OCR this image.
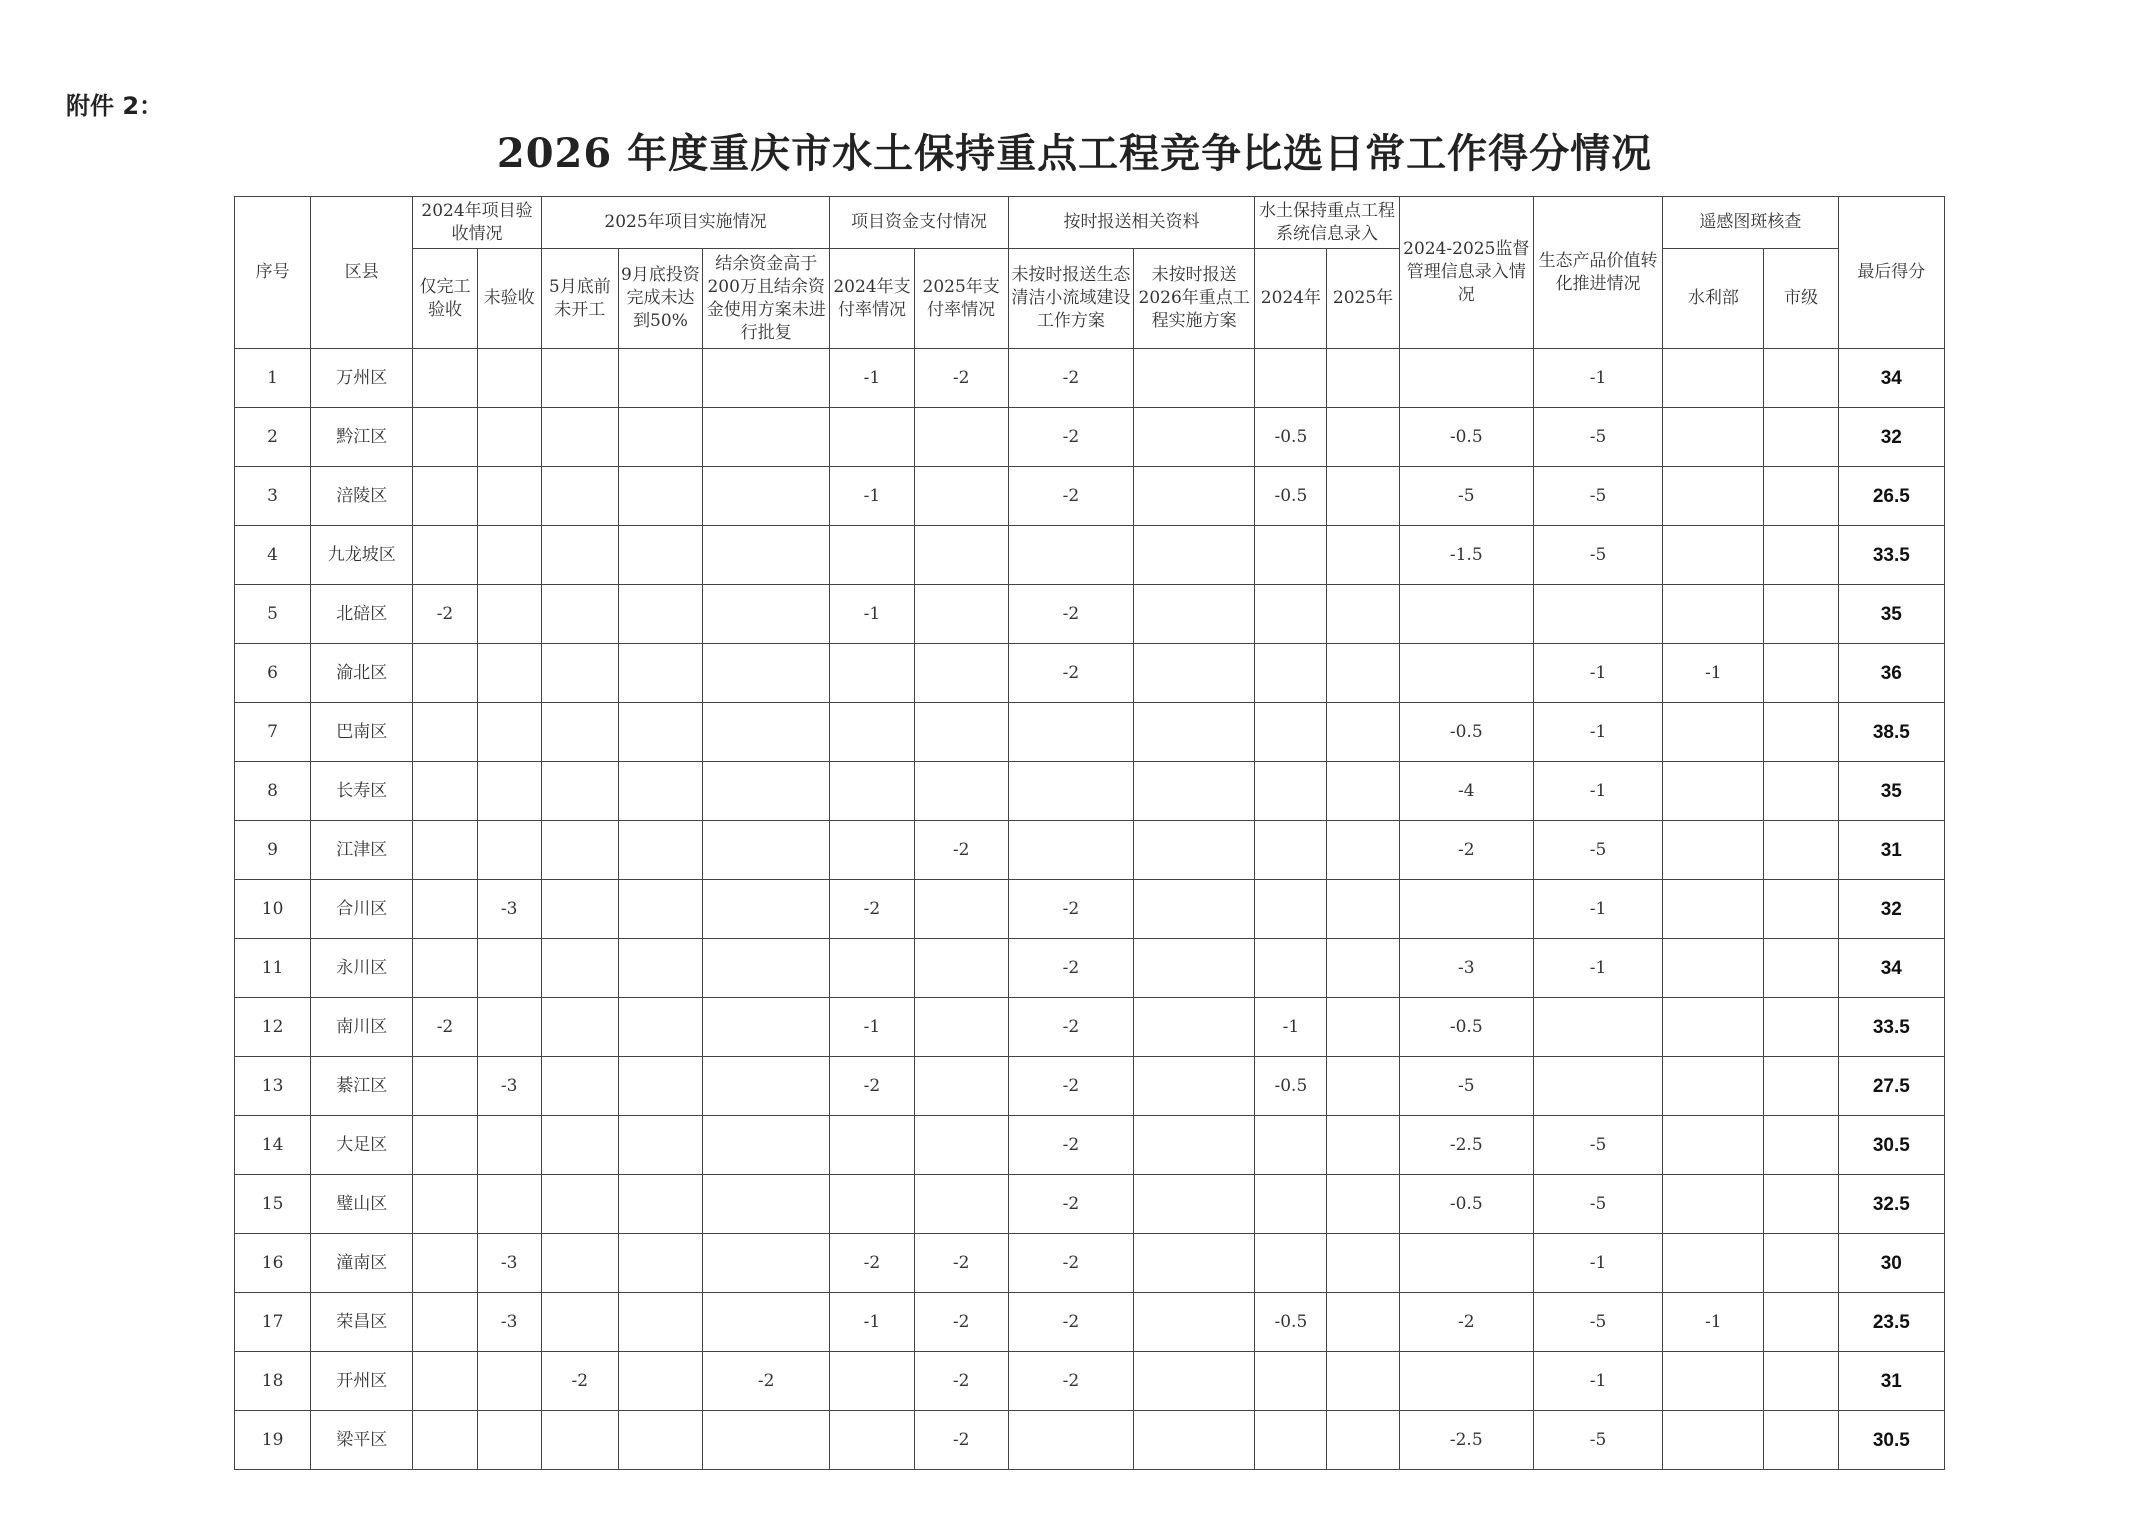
附件 2：
2026 年度重庆市水土保持重点工程竞争比选日常工作得分情况
序号	区县	2024年项目验收情况		2025年项目实施情况			项目资金支付情况		按时报送相关资料		水土保持重点工程系统信息录入		2024-2025监督管理信息录入情况	生态产品价值转化推进情况	遥感图斑核查		最后得分
		仅完工验收	未验收	5月底前未开工	9月底投资完成未达到50%	结余资金高于200万且结余资金使用方案未进行批复	2024年支付率情况	2025年支付率情况	未按时报送生态清洁小流域建设工作方案	未按时报送2026年重点工程实施方案	2024年	2025年			水利部	市级	
1	万州区						-1	-2	-2					-1			34
2	黔江区								-2		-0.5		-0.5	-5			32
3	涪陵区						-1		-2		-0.5		-5	-5			26.5
4	九龙坡区												-1.5	-5			33.5
5	北碚区	-2					-1		-2								35
6	渝北区								-2					-1	-1		36
7	巴南区												-0.5	-1			38.5
8	长寿区												-4	-1			35
9	江津区							-2					-2	-5			31
10	合川区		-3				-2		-2					-1			32
11	永川区								-2				-3	-1			34
12	南川区	-2					-1		-2		-1		-0.5				33.5
13	綦江区		-3				-2		-2		-0.5		-5				27.5
14	大足区								-2				-2.5	-5			30.5
15	璧山区								-2				-0.5	-5			32.5
16	潼南区		-3				-2	-2	-2					-1			30
17	荣昌区		-3				-1	-2	-2		-0.5		-2	-5	-1		23.5
18	开州区			-2		-2		-2	-2					-1			31
19	梁平区							-2					-2.5	-5			30.5
